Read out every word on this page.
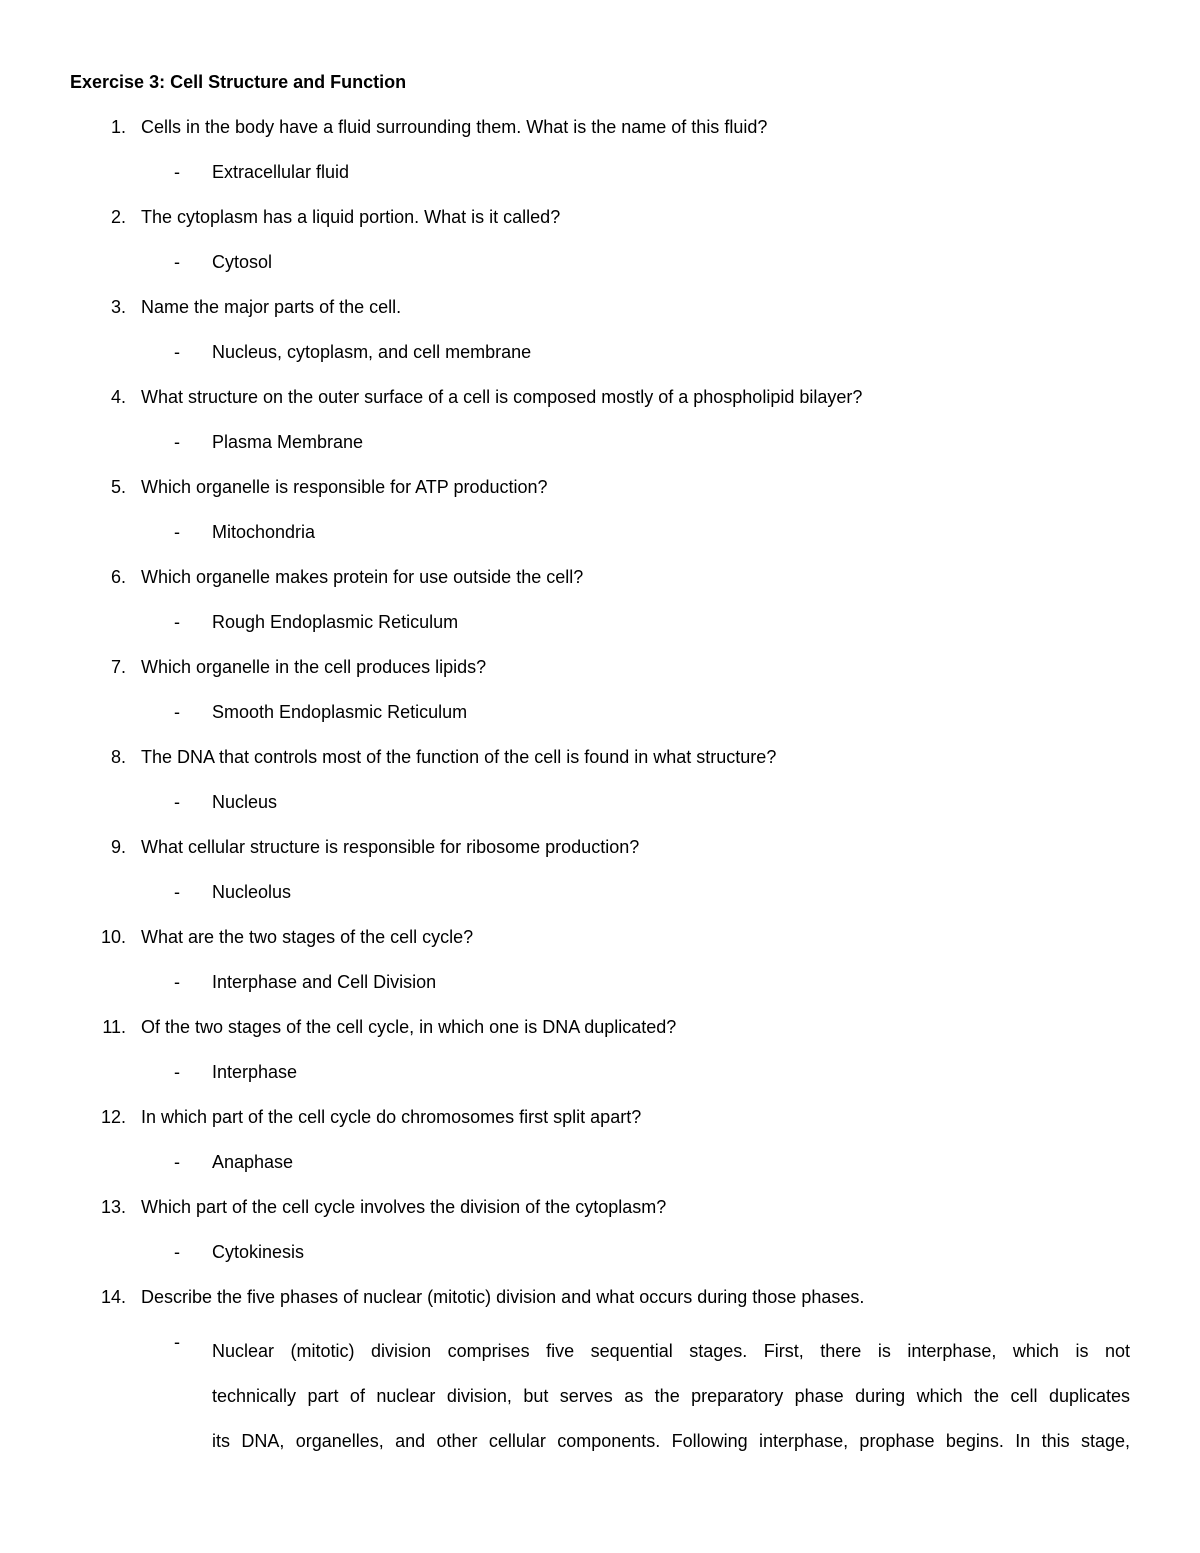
Exercise 3: Cell Structure and Function
1. Cells in the body have a fluid surrounding them. What is the name of this fluid?
- Extracellular fluid
2. The cytoplasm has a liquid portion. What is it called?
- Cytosol
3. Name the major parts of the cell.
- Nucleus, cytoplasm, and cell membrane
4. What structure on the outer surface of a cell is composed mostly of a phospholipid bilayer?
- Plasma Membrane
5. Which organelle is responsible for ATP production?
- Mitochondria
6. Which organelle makes protein for use outside the cell?
- Rough Endoplasmic Reticulum
7. Which organelle in the cell produces lipids?
- Smooth Endoplasmic Reticulum
8. The DNA that controls most of the function of the cell is found in what structure?
- Nucleus
9. What cellular structure is responsible for ribosome production?
- Nucleolus
10. What are the two stages of the cell cycle?
- Interphase and Cell Division
11. Of the two stages of the cell cycle, in which one is DNA duplicated?
- Interphase
12. In which part of the cell cycle do chromosomes first split apart?
- Anaphase
13. Which part of the cell cycle involves the division of the cytoplasm?
- Cytokinesis
14. Describe the five phases of nuclear (mitotic) division and what occurs during those phases.
- Nuclear (mitotic) division comprises five sequential stages. First, there is interphase, which is not
technically part of nuclear division, but serves as the preparatory phase during which the cell duplicates
its DNA, organelles, and other cellular components. Following interphase, prophase begins. In this stage,
